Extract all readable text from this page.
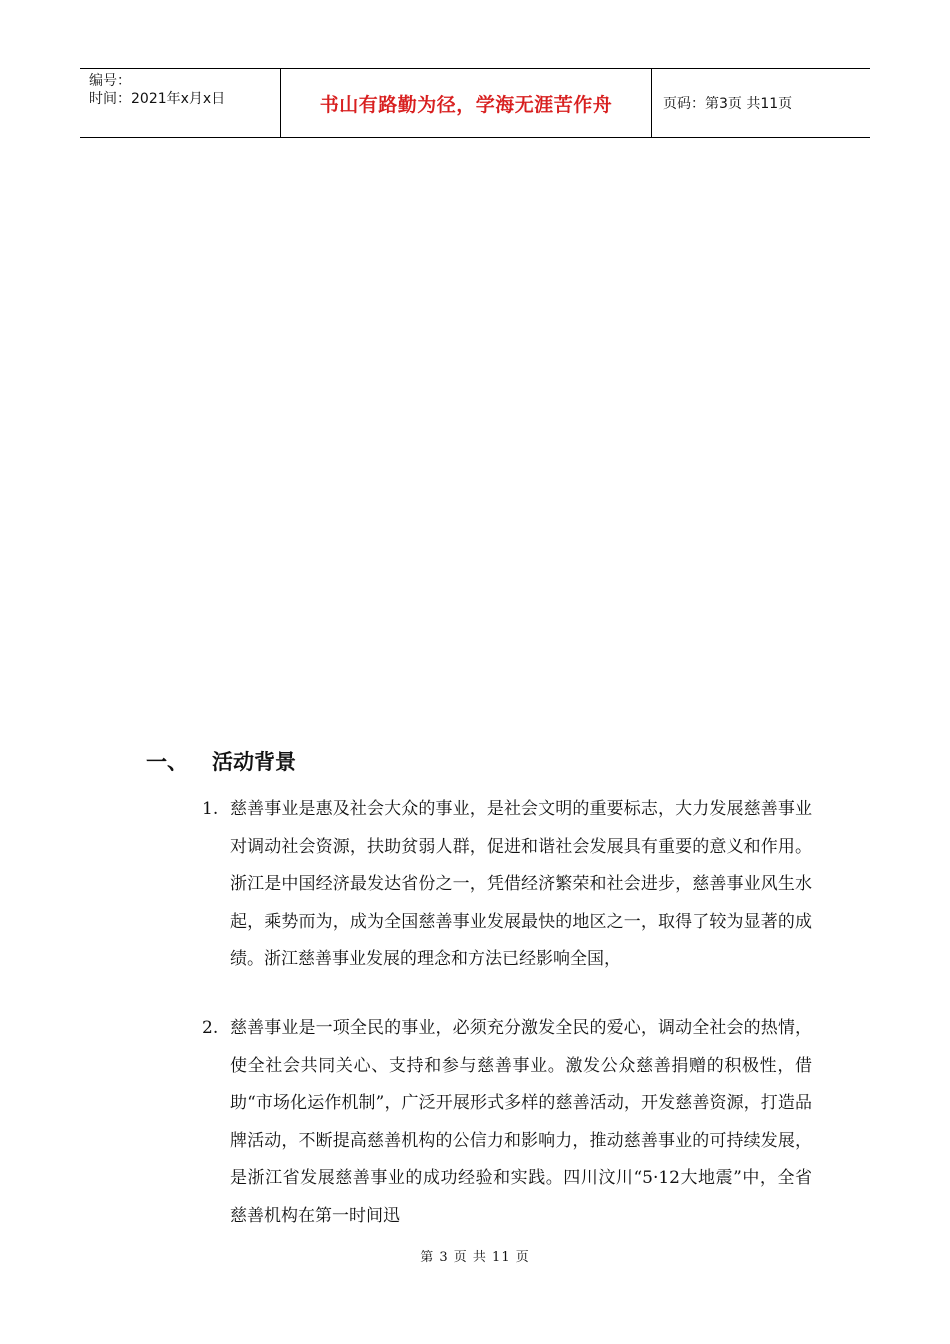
编号：
时间：2021年x月x日	书山有路勤为径，学海无涯苦作舟	页码：第3页 共11页
一、	活动背景
1. 慈善事业是惠及社会大众的事业，是社会文明的重要标志，大力发展慈善事业对调动社会资源，扶助贫弱人群，促进和谐社会发展具有重要的意义和作用。浙江是中国经济最发达省份之一，凭借经济繁荣和社会进步，慈善事业风生水起，乘势而为，成为全国慈善事业发展最快的地区之一，取得了较为显著的成绩。浙江慈善事业发展的理念和方法已经影响全国，
2. 慈善事业是一项全民的事业，必须充分激发全民的爱心，调动全社会的热情，使全社会共同关心、支持和参与慈善事业。激发公众慈善捐赠的积极性，借助“市场化运作机制”，广泛开展形式多样的慈善活动，开发慈善资源，打造品牌活动，不断提高慈善机构的公信力和影响力，推动慈善事业的可持续发展，是浙江省发展慈善事业的成功经验和实践。四川汶川“5·12大地震”中，全省慈善机构在第一时间迅
第 3 页 共 11 页
